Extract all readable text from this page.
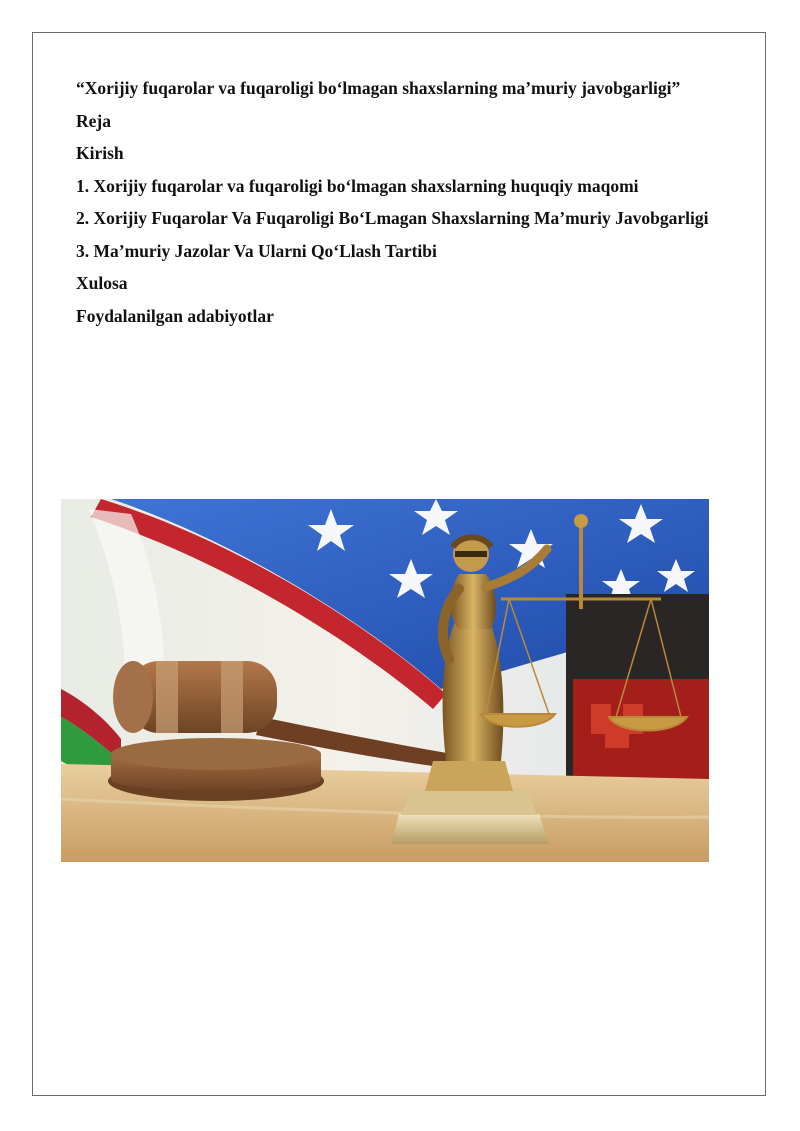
“Xorijiy fuqarolar va fuqaroligi bo‘lmagan shaxslarning ma’muriy javobgarligi”

Reja

Kirish

1. Xorijiy fuqarolar va fuqaroligi bo‘lmagan shaxslarning huquqiy maqomi

2. Xorijiy Fuqarolar Va Fuqaroligi Bo‘Lmagan Shaxslarning Ma’muriy Javobgarligi

3. Ma’muriy Jazolar Va Ularni Qo‘Llash Tartibi

Xulosa

Foydalanilgan adabiyotlar
